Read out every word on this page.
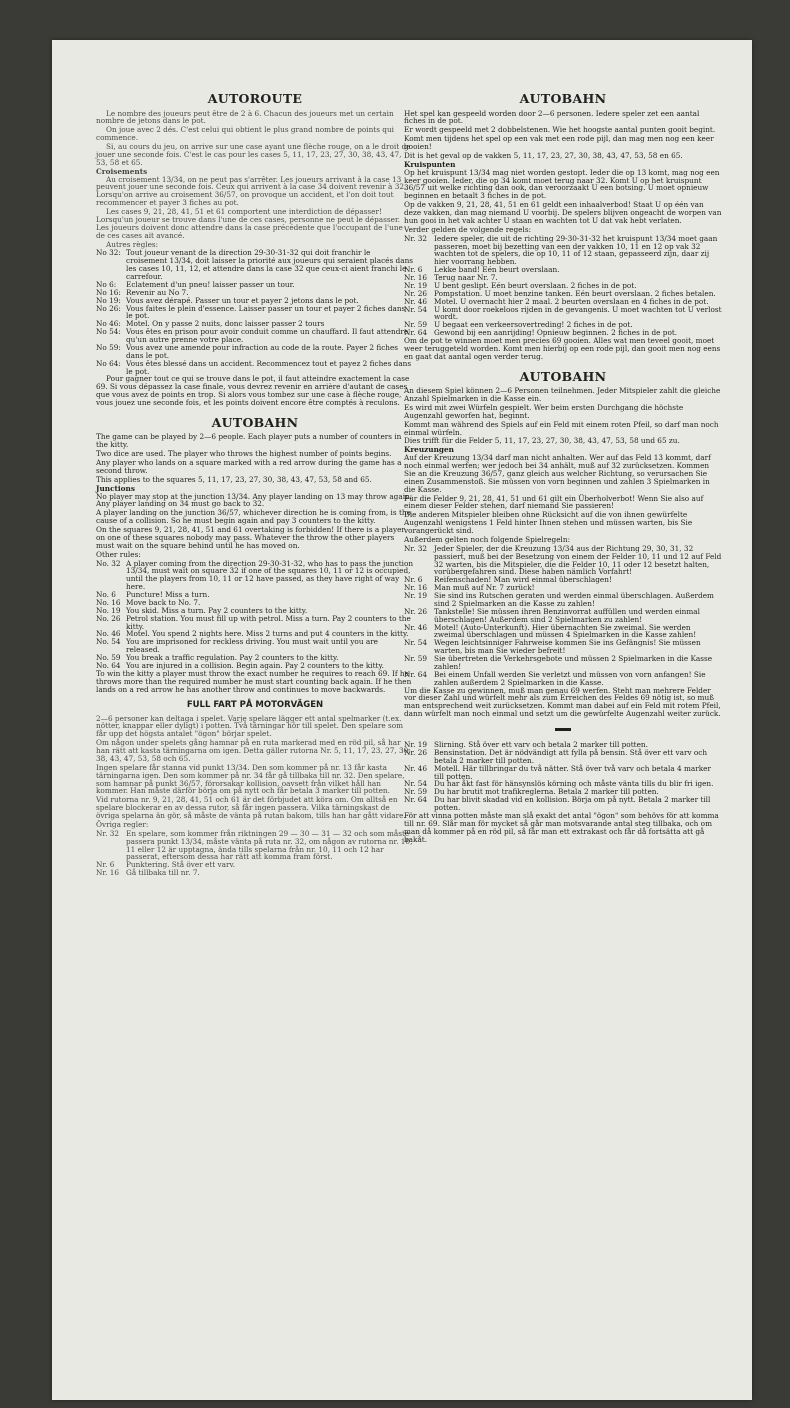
AUTOROUTE

Le nombre des joueurs peut être de 2 à 6. Chacun des joueurs met un certain nombre de jetons dans le pot.

On joue avec 2 dés. C'est celui qui obtient le plus grand nombre de points qui commence.

Si, au cours du jeu, on arrive sur une case ayant une flèche rouge, on a le droit de jouer une seconde fois. C'est le cas pour les cases 5, 11, 17, 23, 27, 30, 38, 43, 47, 53, 58 et 65.

Croisements

Au croisement 13/34, on ne peut pas s'arrêter. Les joueurs arrivant à la case 13 peuvent jouer une seconde fois. Ceux qui arrivent à la case 34 doivent revenir à 32. Lorsqu'on arrive au croisement 36/57, on provoque un accident, et l'on doit tout recommencer et payer 3 fiches au pot.

Les cases 9, 21, 28, 41, 51 et 61 comportent une interdiction de dépasser! Lorsqu'un joueur se trouve dans l'une de ces cases, personne ne peut le dépasser. Les joueurs doivent donc attendre dans la case précédente que l'occupant de l'une de ces cases ait avancé.

Autres règles:

No 32: Tout joueur venant de la direction 29-30-31-32 qui doit franchir le croisement 13/34, doit laisser la priorité aux joueurs qui seraient placés dans les cases 10, 11, 12, et attendre dans la case 32 que ceux-ci aient franchi le carrefour.
No 6:	Eclatement d'un pneu! laisser passer un tour.
No 16: Revenir au No 7.
No 19: Vous avez dérapé. Passer un tour et payer 2 jetons dans le pot.
No 26: Vous faites le plein d'essence. Laisser passer un tour et payer 2 fiches dans le pot.
No 46: Motel. On y passe 2 nuits, donc laisser passer 2 tours
No 54: Vous êtes en prison pour avoir conduit comme un chauffard. Il faut attendre qu'un autre prenne votre place.
No 59: Vous avez une amende pour infraction au code de la route. Payer 2 fiches dans le pot.
No 64: Vous êtes blessé dans un accident. Recommencez tout et payez 2 fiches dans le pot.

Pour gagner tout ce qui se trouve dans le pot, il faut atteindre exactement la case 69. Si vous dépassez la case finale, vous devrez revenir en arrière d'autant de cases que vous avez de points en trop. Si alors vous tombez sur une case à flèche rouge, vous jouez une seconde fois, et les points doivent encore être comptés à reculons.

AUTOBAHN

The game can be played by 2—6 people. Each player puts a number of counters in the kitty.

Two dice are used. The player who throws the highest number of points begins.

Any player who lands on a square marked with a red arrow during the game has a second throw.

This applies to the squares 5, 11, 17, 23, 27, 30, 38, 43, 47, 53, 58 and 65.

Junctions

No player may stop at the junction 13/34. Any player landing on 13 may throw again. Any player landing on 34 must go back to 32.

A player landing on the junction 36/57, whichever direction he is coming from, is the cause of a collision. So he must begin again and pay 3 counters to the kitty.

On the squares 9, 21, 28, 41, 51 and 61 overtaking is forbidden! If there is a player on one of these squares nobody may pass. Whatever the throw the other players must wait on the square behind until he has moved on.

Other rules:

No. 32 A player coming from the direction 29-30-31-32, who has to pass the junction 13/34, must wait on square 32 if one of the squares 10, 11 or 12 is occupied, until the players from 10, 11 or 12 have passed, as they have right of way here.
No. 6	Puncture! Miss a turn.
No. 16 Move back to No. 7.
No. 19 You skid. Miss a turn. Pay 2 counters to the kitty.
No. 26 Petrol station. You must fill up with petrol. Miss a turn. Pay 2 counters to the kitty.
No. 46 Motel. You spend 2 nights here. Miss 2 turns and put 4 counters in the kitty.
No. 54 You are imprisoned for reckless driving. You must wait until you are released.
No. 59 You break a traffic regulation. Pay 2 counters to the kitty.
No. 64 You are injured in a collision. Begin again. Pay 2 counters to the kitty.

To win the kitty a player must throw the exact number he requires to reach 69. If he throws more than the required number he must start counting back again. If he then lands on a red arrow he has another throw and continues to move backwards.

FULL FART PÅ MOTORVÄGEN

2—6 personer kan deltaga i spelet. Varje spelare lägger ett antal spelmarker (t.ex. nötter, knappar eller dyligt) i potten. Två tärningar hör till spelet. Den spelare som får upp det högsta antalet "ögon" börjar spelet.

Om någon under spelets gång hamnar på en ruta markerad med en röd pil, så har han rätt att kasta tärningarna om igen. Detta gäller rutorna Nr. 5, 11, 17, 23, 27, 30, 38, 43, 47, 53, 58 och 65.

Ingen spelare får stanna vid punkt 13/34. Den som kommer på nr. 13 får kasta tärningarna igen. Den som kommer på nr. 34 får gå tillbaka till nr. 32. Den spelare, som hamnar på punkt 36/57, förorsakar kollision, oavsett från vilket håll han kommer. Han måste därför börja om på nytt och får betala 3 marker till potten.

Vid rutorna nr. 9, 21, 28, 41, 51 och 61 är det förbjudet att köra om. Om alltså en spelare blockerar en av dessa rutor, så får ingen passera. Vilka tärningskast de övriga spelarna än gör, så måste de vänta på rutan bakom, tills han har gått vidare.

Övriga regler:

Nr. 32 En spelare, som kommer från riktningen 29 — 30 — 31 — 32 och som måste passera punkt 13/34, måste vänta på ruta nr. 32, om någon av rutorna nr. 10, 11 eller 12 är upptagna, ända tills spelarna från nr. 10, 11 och 12 har passerat, eftersom dessa har rätt att komma fram först.
Nr. 6	Punktering. Stå över ett varv.
Nr. 16 Gå tillbaka till nr. 7.
AUTOBAHN

Het spel kan gespeeld worden door 2—6 personen. Iedere speler zet een aantal fiches in de pot.

Er wordt gespeeld met 2 dobbelstenen. Wie het hoogste aantal punten gooit begint.

Komt men tijdens het spel op een vak met een rode pijl, dan mag men nog een keer gooien!

Dit is het geval op de vakken 5, 11, 17, 23, 27, 30, 38, 43, 47, 53, 58 en 65.

Kruispunten

Op het kruispunt 13/34 mag niet worden gestopt. Ieder die op 13 komt, mag nog een keer gooien. Ieder, die op 34 komt moet terug naar 32. Komt U op het kruispunt 36/57 uit welke richting dan ook, dan veroorzaakt U een botsing. U moet opnieuw beginnen en betaalt 3 fiches in de pot.

Op de vakken 9, 21, 28, 41, 51 en 61 geldt een inhaalverbod! Staat U op één van deze vakken, dan mag niemand U voorbij. De spelers blijven ongeacht de worpen van hun gooi in het vak achter U staan en wachten tot U dat vak hebt verlaten.

Verder gelden de volgende regels:

Nr. 32 Iedere speler, die uit de richting 29-30-31-32 het kruispunt 13/34 moet gaan passeren, moet bij bezetting van een der vakken 10, 11 en 12 op vak 32 wachten tot de spelers, die op 10, 11 of 12 staan, gepasseerd zijn, daar zij hier voorrang hebben.
Nr. 6	Lekke band! Eén beurt overslaan.
Nr. 16 Terug naar Nr. 7.
Nr. 19 U bent geslipt. Eén beurt overslaan. 2 fiches in de pot.
Nr. 26 Pompstation. U moet benzine tanken. Eén beurt overslaan. 2 fiches betalen.
Nr. 46 Motel. U overnacht hier 2 maal. 2 beurten overslaan en 4 fiches in de pot.
Nr. 54 U komt door roekeloos rijden in de gevangenis. U moet wachten tot U verlost wordt.
Nr. 59 U begaat een verkeersovertreding! 2 fiches in de pot.
Nr. 64 Gewond bij een aanrijding! Opnieuw beginnen. 2 fiches in de pot.

Om de pot te winnen moet men precies 69 gooien. Alles wat men teveel gooit, moet weer teruggeteld worden. Komt men hierbij op een rode pijl, dan gooit men nog eens en gaat dat aantal ogen verder terug.

AUTOBAHN

An diesem Spiel können 2—6 Personen teilnehmen. Jeder Mitspieler zahlt die gleiche Anzahl Spielmarken in die Kasse ein.

Es wird mit zwei Würfeln gespielt. Wer beim ersten Durchgang die höchste Augenzahl geworfen hat, beginnt.

Kommt man während des Spiels auf ein Feld mit einem roten Pfeil, so darf man noch einmal würfeln.

Dies trifft für die Felder 5, 11, 17, 23, 27, 30, 38, 43, 47, 53, 58 und 65 zu.

Kreuzungen

Auf der Kreuzung 13/34 darf man nicht anhalten. Wer auf das Feld 13 kommt, darf noch einmal werfen; wer jedoch bei 34 anhält, muß auf 32 zurücksetzen. Kommen Sie an die Kreuzung 36/57, ganz gleich aus welcher Richtung, so verursachen Sie einen Zusammenstoß. Sie müssen von vorn beginnen und zahlen 3 Spielmarken in die Kasse.

Für die Felder 9, 21, 28, 41, 51 und 61 gilt ein Überholverbot! Wenn Sie also auf einem dieser Felder stehen, darf niemand Sie passieren!

Die anderen Mitspieler bleiben ohne Rücksicht auf die von ihnen gewürfelte Augenzahl wenigstens 1 Feld hinter Ihnen stehen und müssen warten, bis Sie vorangerückt sind.

Außerdem gelten noch folgende Spielregeln:

Nr. 32 Jeder Spieler, der die Kreuzung 13/34 aus der Richtung 29, 30, 31, 32 passiert, muß bei der Besetzung von einem der Felder 10, 11 und 12 auf Feld 32 warten, bis die Mitspieler, die die Felder 10, 11 oder 12 besetzt halten, vorübergefahren sind. Diese haben nämlich Vorfahrt!
Nr. 6	Reifenschaden! Man wird einmal überschlagen!
Nr. 16 Man muß auf Nr. 7 zurück!
Nr. 19 Sie sind ins Rutschen geraten und werden einmal überschlagen. Außerdem sind 2 Spielmarken an die Kasse zu zahlen!
Nr. 26 Tankstelle! Sie müssen ihren Benzinvorrat auffüllen und werden einmal überschlagen! Außerdem sind 2 Spielmarken zu zahlen!
Nr. 46 Motel! (Auto-Unterkunft). Hier übernachten Sie zweimal. Sie werden zweimal überschlagen und müssen 4 Spielmarken in die Kasse zahlen!
Nr. 54 Wegen leichtsinniger Fahrweise kommen Sie ins Gefängnis! Sie müssen warten, bis man Sie wieder befreit!
Nr. 59 Sie übertreten die Verkehrsgebote und müssen 2 Spielmarken in die Kasse zahlen!
Nr. 64 Bei einem Unfall werden Sie verletzt und müssen von vorn anfangen! Sie zahlen außerdem 2 Spielmarken in die Kasse.

Um die Kasse zu gewinnen, muß man genau 69 werfen. Steht man mehrere Felder vor dieser Zahl und würfelt mehr als zum Erreichen des Feldes 69 nötig ist, so muß man entsprechend weit zurücksetzen. Kommt man dabei auf ein Feld mit rotem Pfeil, dann würfelt man noch einmal und setzt um die gewürfelte Augenzahl weiter zurück.

Nr. 19 Slirning. Stå över ett varv och betala 2 marker till potten.
Nr. 26 Bensinstation. Det är nödvändigt att fylla på bensin. Stå över ett varv och betala 2 marker till potten.
Nr. 46 Motell. Här tillbringar du två nätter. Stå över två varv och betala 4 marker till potten.
Nr. 54 Du har åkt fast för hänsynslös körning och måste vänta tills du blir fri igen.
Nr. 59 Du har brutit mot trafikreglerna. Betala 2 marker till potten.
Nr. 64 Du har blivit skadad vid en kollision. Börja om på nytt. Betala 2 marker till potten.

För att vinna potten måste man slå exakt det antal "ögon" som behövs för att komma till nr. 69. Slår man för mycket så går man motsvarande antal steg tillbaka, och om man då kommer på en röd pil, så får man ett extrakast och får då fortsätta att gå bakåt.
